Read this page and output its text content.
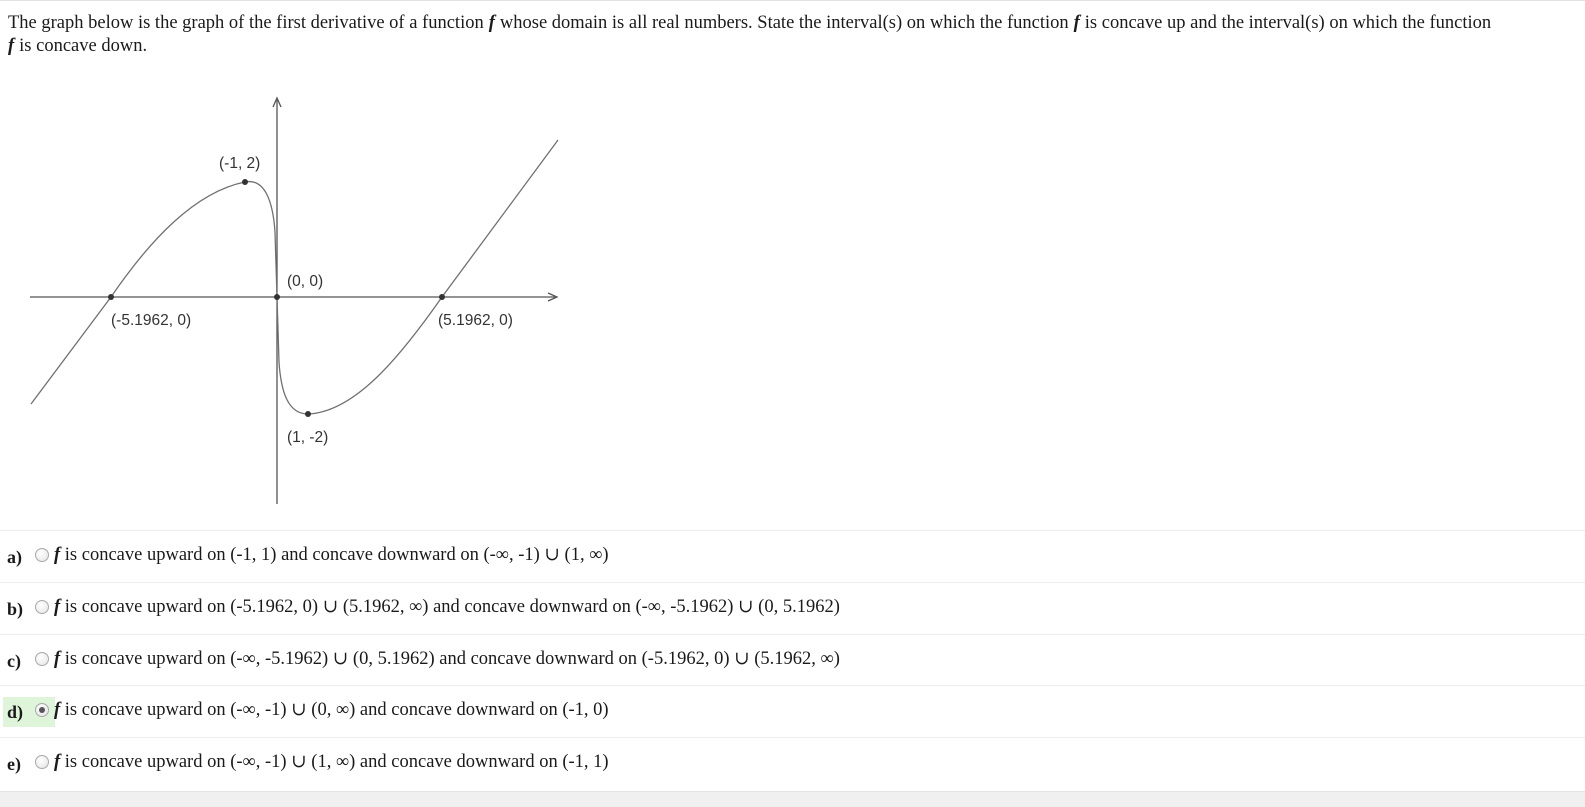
The graph below is the graph of the first derivative of a function f whose domain is all real numbers. State the interval(s) on which the function f is concave up and the interval(s) on which the function
f is concave down.
(-1, 2)
(0, 0)
(-5.1962, 0)	(5.1962, 0)
(1, -2)
a) f is concave upward on (-1, 1) and concave downward on (-∞, -1) ∪ (1, ∞)
b) f is concave upward on (-5.1962, 0) ∪ (5.1962, ∞) and concave downward on (-∞, -5.1962) ∪ (0, 5.1962)
c) f is concave upward on (-∞, -5.1962) ∪ (0, 5.1962) and concave downward on (-5.1962, 0) ∪ (5.1962, ∞)
d) f is concave upward on (-∞, -1) ∪ (0, ∞) and concave downward on (-1, 0)
e) f is concave upward on (-∞, -1) ∪ (1, ∞) and concave downward on (-1, 1)
